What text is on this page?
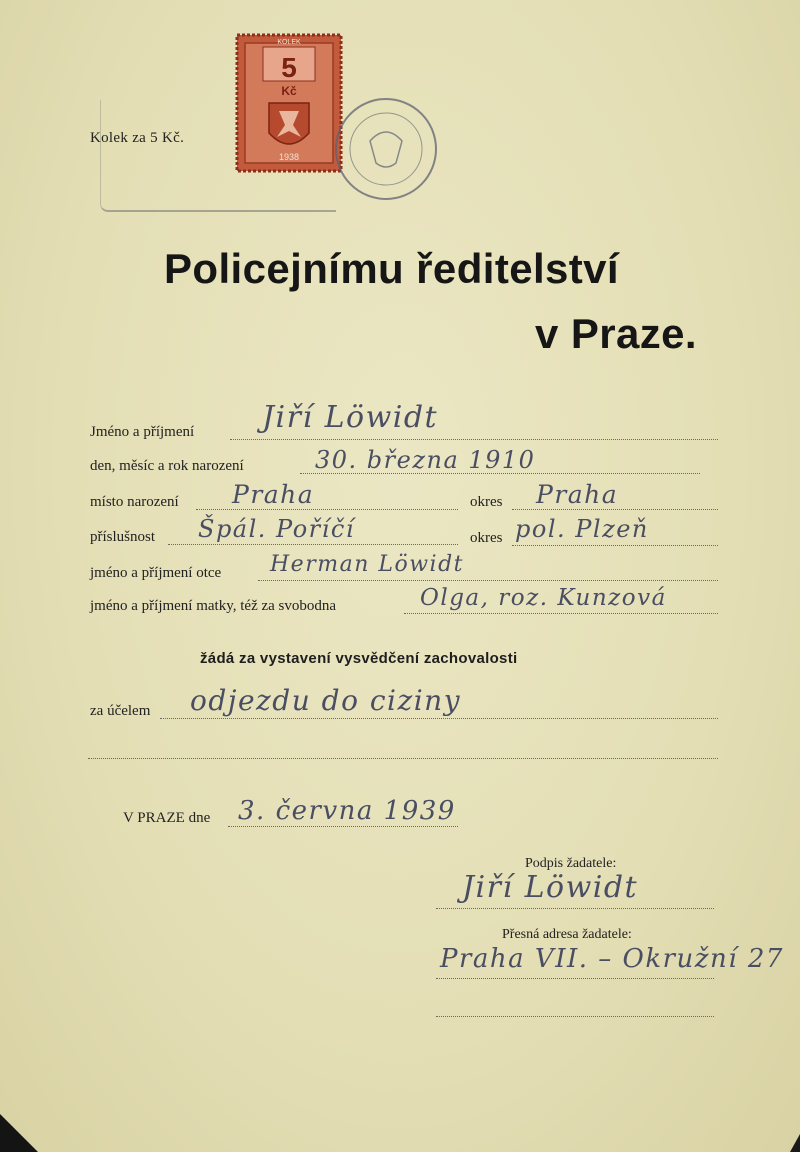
Kolek za 5 Kč.
KOLEK
5
Kč
1938
Policejnímu ředitelství
v Praze.
Jméno a příjmení Jiří Löwidt
den, měsíc a rok narození	30. března 1910
místo narození Praha	okres Praha
příslušnost Špál. Poříčí	okres pol. Plzeň
jméno a příjmení otce Herman Löwidt
jméno a příjmení matky, též za svobodna	Olga, roz. Kunzová
žádá za vystavení vysvědčení zachovalosti
za účelem odjezdu do ciziny
V PRAZE dne 3. června 1939
Podpis žadatele:
Jiří Löwidt
Přesná adresa žadatele:
Praha VII. – Okružní 27
